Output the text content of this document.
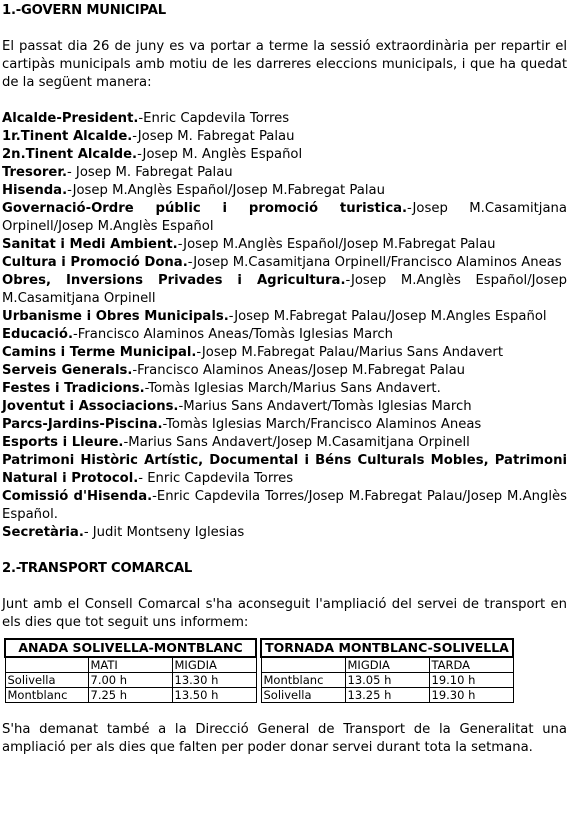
1.-GOVERN MUNICIPAL

El passat dia 26 de juny es va portar a terme la sessió extraordinària per repartir el cartipàs municipals amb motiu de les darreres eleccions municipals, i que ha quedat de la següent manera:

Alcalde-President.-Enric Capdevila Torres
1r.Tinent Alcalde.-Josep M. Fabregat Palau
2n.Tinent Alcalde.-Josep M. Anglès Español
Tresorer.- Josep M. Fabregat Palau
Hisenda.-Josep M.Anglès Español/Josep M.Fabregat Palau
Governació-Ordre públic i promoció turistica.-Josep M.Casamitjana Orpinell/Josep M.Anglès Español
Sanitat i Medi Ambient.-Josep M.Anglès Español/Josep M.Fabregat Palau
Cultura i Promoció Dona.-Josep M.Casamitjana Orpinell/Francisco Alaminos Aneas
Obres, Inversions Privades i Agricultura.-Josep M.Anglès Español/Josep M.Casamitjana Orpinell
Urbanisme i Obres Municipals.-Josep M.Fabregat Palau/Josep M.Angles Español
Educació.-Francisco Alaminos Aneas/Tomàs Iglesias March
Camins i Terme Municipal.-Josep M.Fabregat Palau/Marius Sans Andavert
Serveis Generals.-Francisco Alaminos Aneas/Josep M.Fabregat Palau
Festes i Tradicions.-Tomàs Iglesias March/Marius Sans Andavert.
Joventut i Associacions.-Marius Sans Andavert/Tomàs Iglesias March
Parcs-Jardins-Piscina.-Tomàs Iglesias March/Francisco Alaminos Aneas
Esports i Lleure.-Marius Sans Andavert/Josep M.Casamitjana Orpinell
Patrimoni Històric Artístic, Documental i Béns Culturals Mobles, Patrimoni Natural i Protocol.- Enric Capdevila Torres
Comissió d'Hisenda.-Enric Capdevila Torres/Josep M.Fabregat Palau/Josep M.Anglès Español.
Secretària.- Judit Montseny Iglesias
2.-TRANSPORT COMARCAL

Junt amb el Consell Comarcal s'ha aconseguit l'ampliació del servei de transport en els dies que tot seguit uns informem:

ANADA SOLIVELLA-MONTBLANC				TORNADA MONTBLANC-SOLIVELLA		
	MATI	MIGDIA			MIGDIA	TARDA
Solivella	7.00 h	13.30 h		Montblanc	13.05 h	19.10 h
Montblanc	7.25 h	13.50 h		Solivella	13.25 h	19.30 h

S'ha demanat també a la Direcció General de Transport de la Generalitat una ampliació per als dies que falten per poder donar servei durant tota la setmana.
